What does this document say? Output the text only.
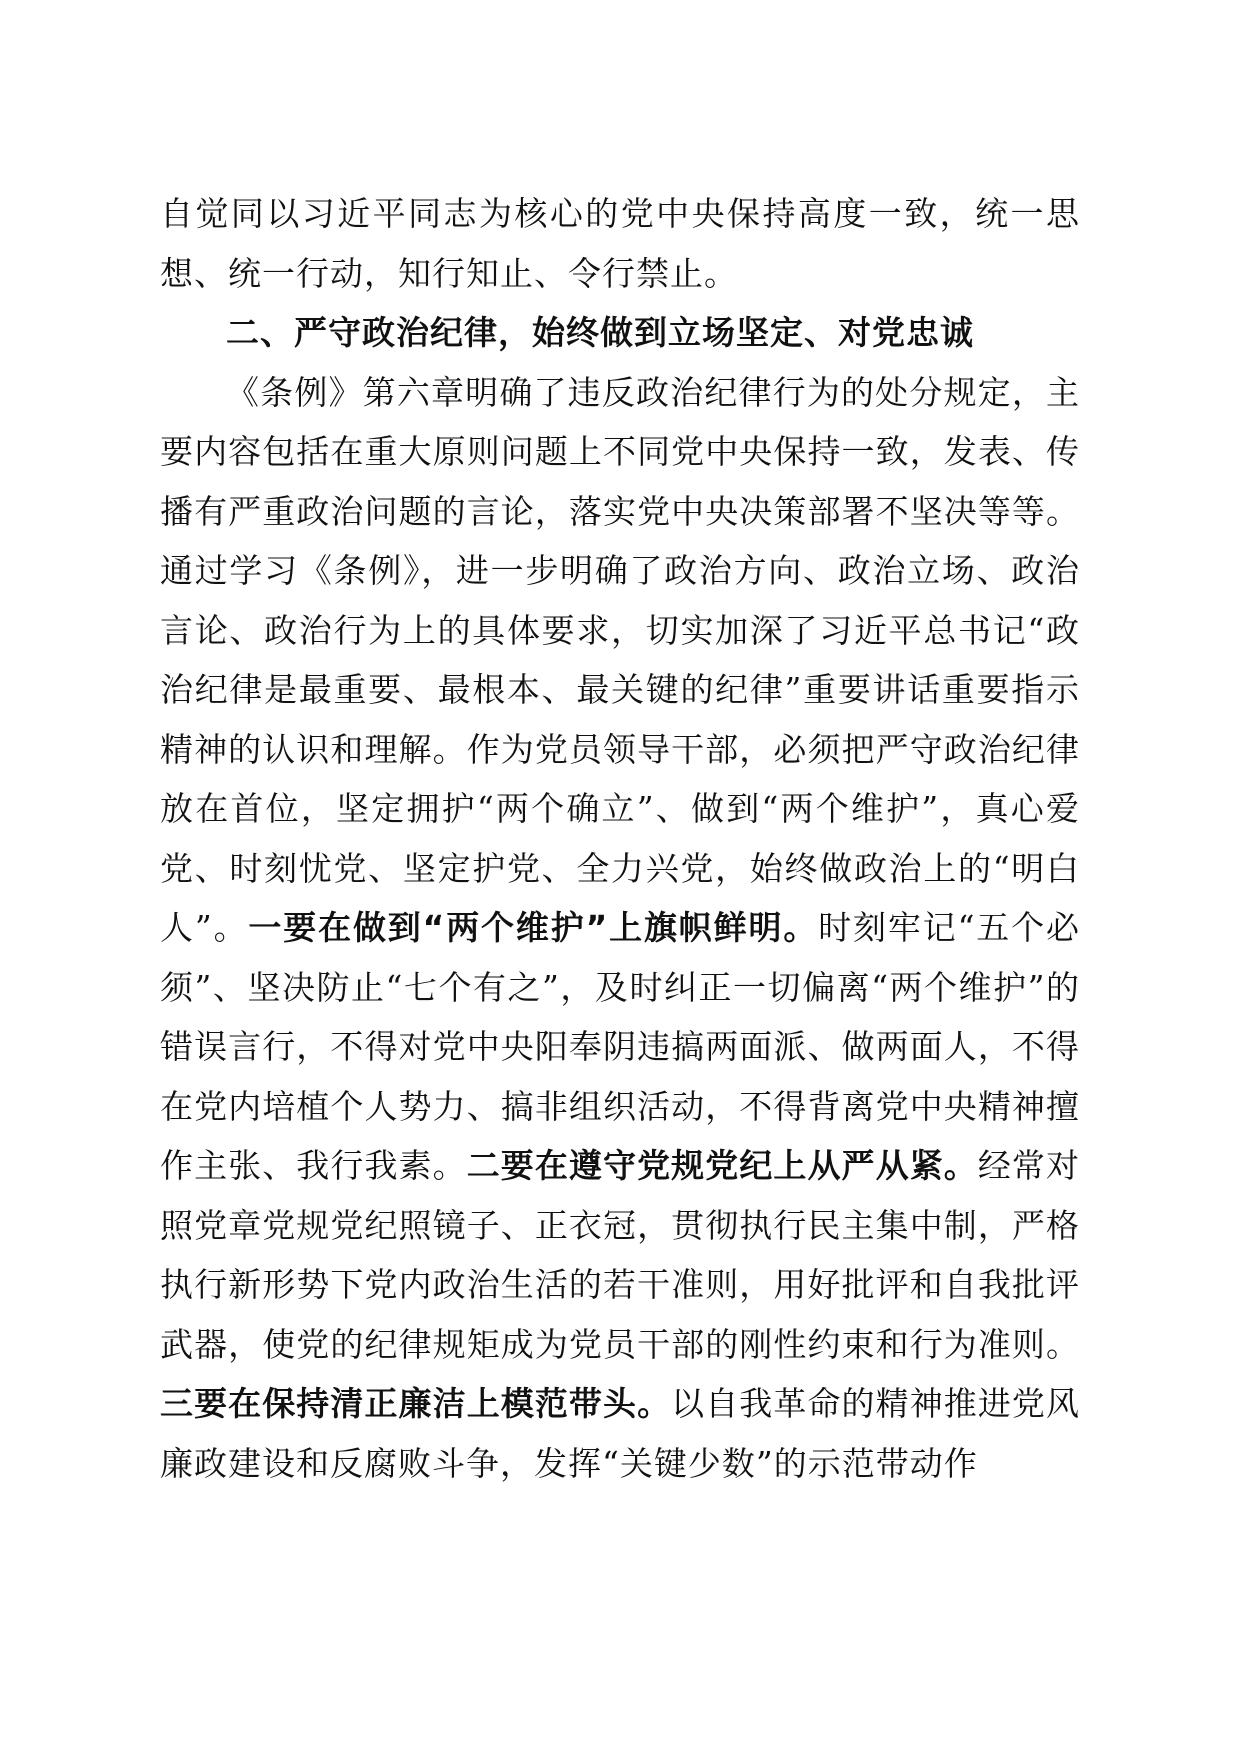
自觉同以习近平同志为核心的党中央保持高度一致，统一思想、统一行动，知行知止、令行禁止。

二、严守政治纪律，始终做到立场坚定、对党忠诚

《条例》第六章明确了违反政治纪律行为的处分规定，主要内容包括在重大原则问题上不同党中央保持一致，发表、传播有严重政治问题的言论，落实党中央决策部署不坚决等等。通过学习《条例》，进一步明确了政治方向、政治立场、政治言论、政治行为上的具体要求，切实加深了习近平总书记“政治纪律是最重要、最根本、最关键的纪律”重要讲话重要指示精神的认识和理解。作为党员领导干部，必须把严守政治纪律放在首位，坚定拥护“两个确立”、做到“两个维护”，真心爱党、时刻忧党、坚定护党、全力兴党，始终做政治上的“明白人”。一要在做到“两个维护”上旗帜鲜明。时刻牢记“五个必须”、坚决防止“七个有之”，及时纠正一切偏离“两个维护”的错误言行，不得对党中央阳奉阴违搞两面派、做两面人，不得在党内培植个人势力、搞非组织活动，不得背离党中央精神擅作主张、我行我素。二要在遵守党规党纪上从严从紧。经常对照党章党规党纪照镜子、正衣冠，贯彻执行民主集中制，严格执行新形势下党内政治生活的若干准则，用好批评和自我批评武器，使党的纪律规矩成为党员干部的刚性约束和行为准则。三要在保持清正廉洁上模范带头。以自我革命的精神推进党风廉政建设和反腐败斗争，发挥“关键少数”的示范带动作
